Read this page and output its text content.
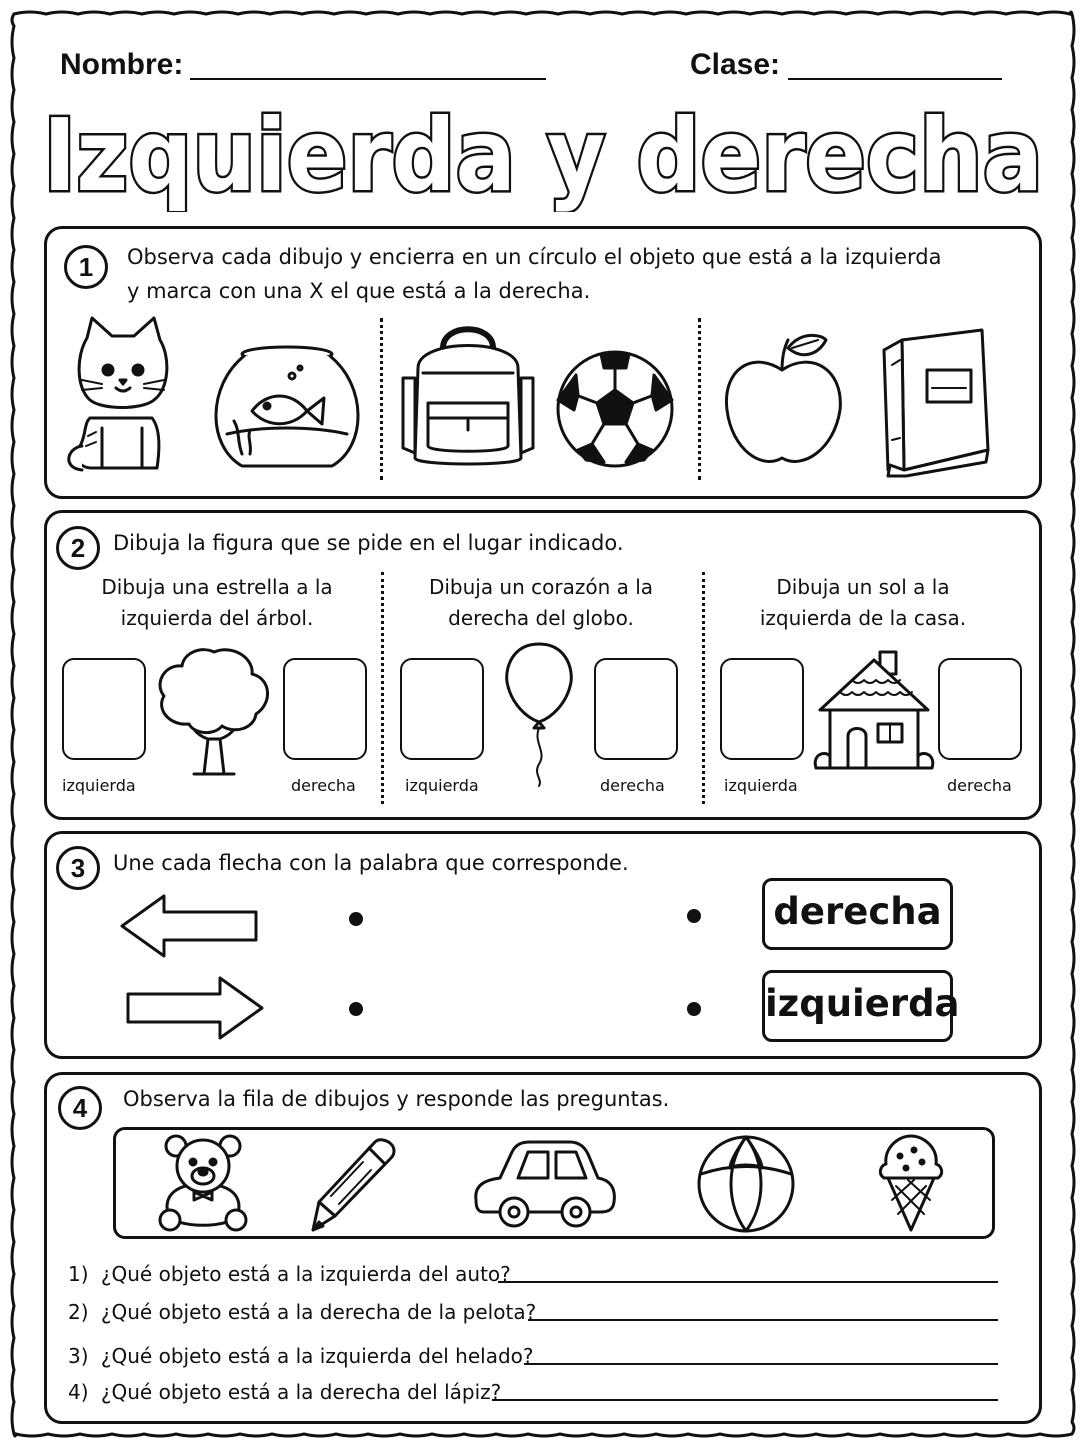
Nombre:	Clase:
Izquierda y derecha
1	Observa cada dibujo y encierra en un círculo el objeto que está a la izquierda
y marca con una X el que está a la derecha.
2	Dibuja la figura que se pide en el lugar indicado.
Dibuja una estrella a la
izquierda del árbol.
izquierda	derecha
Dibuja un corazón a la
derecha del globo.
izquierda	derecha
Dibuja un sol a la
izquierda de la casa.
izquierda	derecha
3	Une cada flecha con la palabra que corresponde.
derecha
izquierda
4	Observa la fila de dibujos y responde las preguntas.
1) ¿Qué objeto está a la izquierda del auto?
2) ¿Qué objeto está a la derecha de la pelota?
3) ¿Qué objeto está a la izquierda del helado?
4) ¿Qué objeto está a la derecha del lápiz?
